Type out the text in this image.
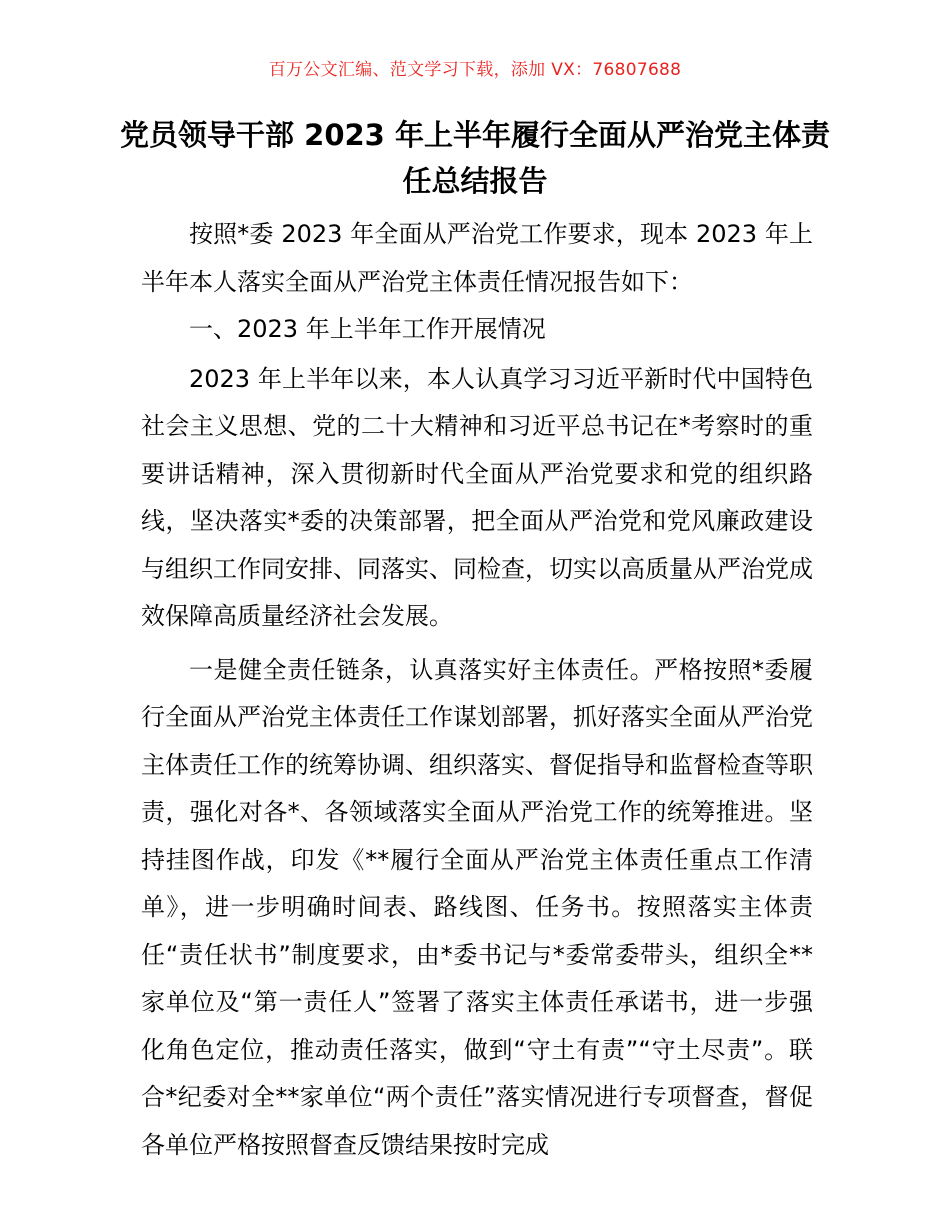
百万公文汇编、范文学习下载，添加 VX：76807688
党员领导干部 2023 年上半年履行全面从严治党主体责任总结报告

按照*委 2023 年全面从严治党工作要求，现本 2023 年上半年本人落实全面从严治党主体责任情况报告如下：

一、2023 年上半年工作开展情况

2023 年上半年以来，本人认真学习习近平新时代中国特色社会主义思想、党的二十大精神和习近平总书记在*考察时的重要讲话精神，深入贯彻新时代全面从严治党要求和党的组织路线，坚决落实*委的决策部署，把全面从严治党和党风廉政建设与组织工作同安排、同落实、同检查，切实以高质量从严治党成效保障高质量经济社会发展。

一是健全责任链条，认真落实好主体责任。严格按照*委履行全面从严治党主体责任工作谋划部署，抓好落实全面从严治党主体责任工作的统筹协调、组织落实、督促指导和监督检查等职责，强化对各*、各领域落实全面从严治党工作的统筹推进。坚持挂图作战，印发《**履行全面从严治党主体责任重点工作清单》，进一步明确时间表、路线图、任务书。按照落实主体责任“责任状书”制度要求，由*委书记与*委常委带头，组织全**家单位及“第一责任人”签署了落实主体责任承诺书，进一步强化角色定位，推动责任落实，做到“守土有责”“守土尽责”。联合*纪委对全**家单位“两个责任”落实情况进行专项督查，督促各单位严格按照督查反馈结果按时完成
